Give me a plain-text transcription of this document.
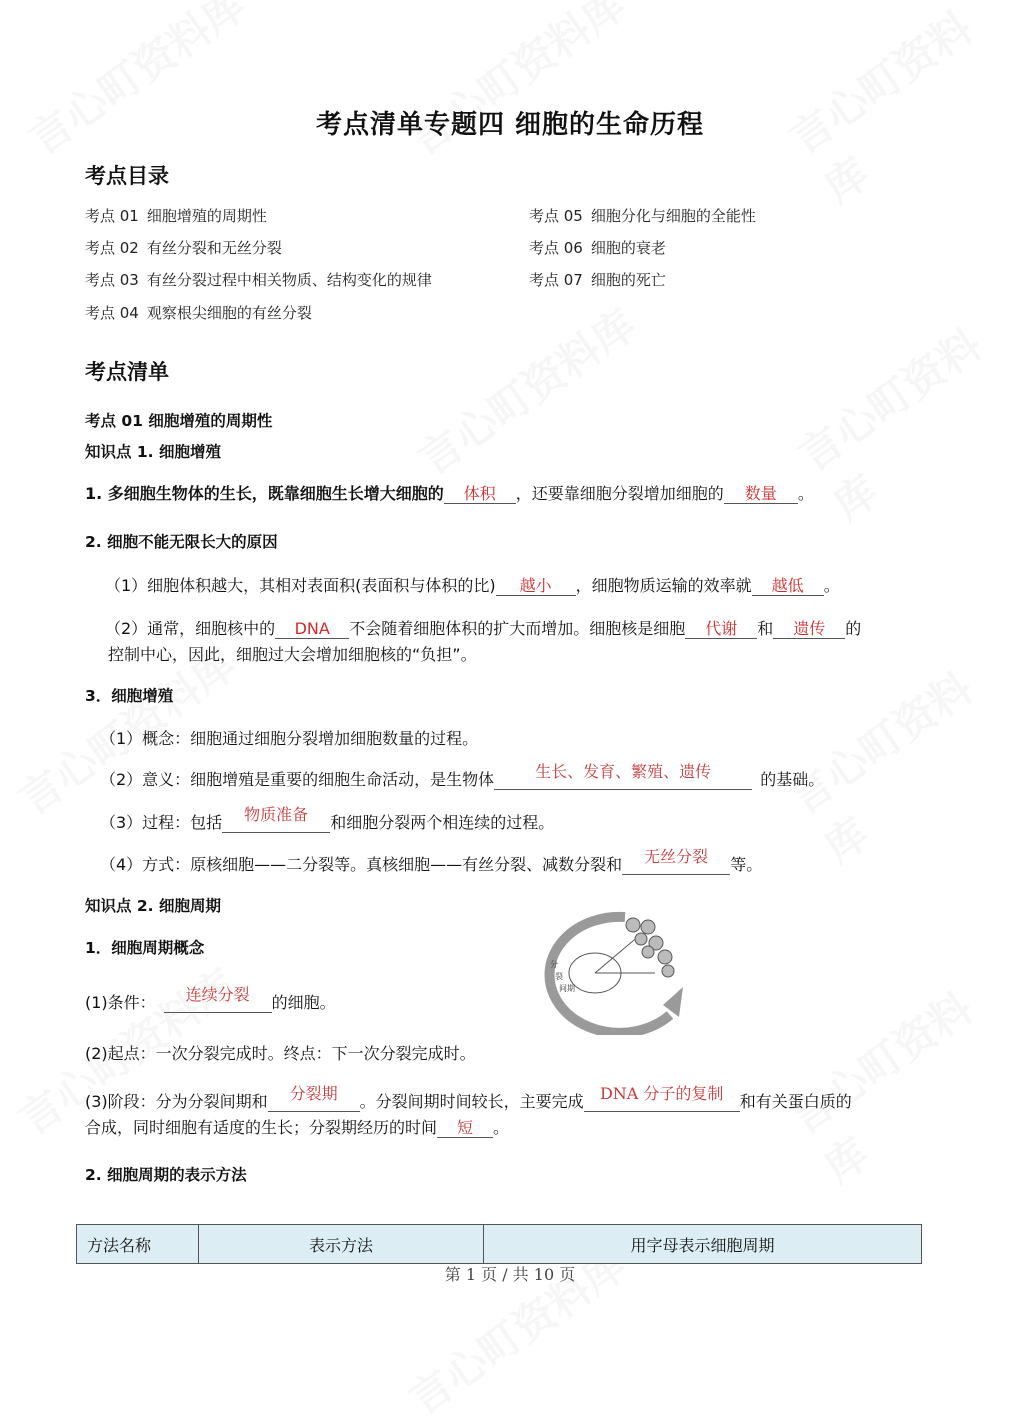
考点清单专题四 细胞的生命历程
考点目录
考点 01 细胞增殖的周期性
考点 02 有丝分裂和无丝分裂
考点 03 有丝分裂过程中相关物质、结构变化的规律
考点 04 观察根尖细胞的有丝分裂
考点 05 细胞分化与细胞的全能性
考点 06 细胞的衰老
考点 07 细胞的死亡
考点清单
考点 01 细胞增殖的周期性
知识点 1. 细胞增殖
1. 多细胞生物体的生长，既靠细胞生长增大细胞的 体积 ，还要靠细胞分裂增加细胞的 数量 。
2. 细胞不能无限长大的原因
（1）细胞体积越大，其相对表面积(表面积与体积的比) 越小 ，细胞物质运输的效率就 越低 。
（2）通常，细胞核中的 DNA 不会随着细胞体积的扩大而增加。细胞核是细胞 代谢 和 遗传 的
控制中心，因此，细胞过大会增加细胞核的“负担”。
3．细胞增殖
（1）概念：细胞通过细胞分裂增加细胞数量的过程。
（2）意义：细胞增殖是重要的细胞生命活动，是生物体	生长、发育、繁殖、遗传	的基础。
（3）过程：包括 物质准备 和细胞分裂两个相连续的过程。
（4）方式：原核细胞——二分裂等。真核细胞——有丝分裂、减数分裂和 无丝分裂 等。
知识点 2. 细胞周期
1．细胞周期概念
分
裂
间期
(1)条件： 连续分裂 的细胞。
(2)起点：一次分裂完成时。终点：下一次分裂完成时。
(3)阶段：分为分裂间期和 分裂期 。分裂间期时间较长，主要完成 DNA 分子的复制 和有关蛋白质的
合成，同时细胞有适度的生长；分裂期经历的时间 短 。
2. 细胞周期的表示方法
方法名称	表示方法	用字母表示细胞周期
第 1 页 / 共 10 页
